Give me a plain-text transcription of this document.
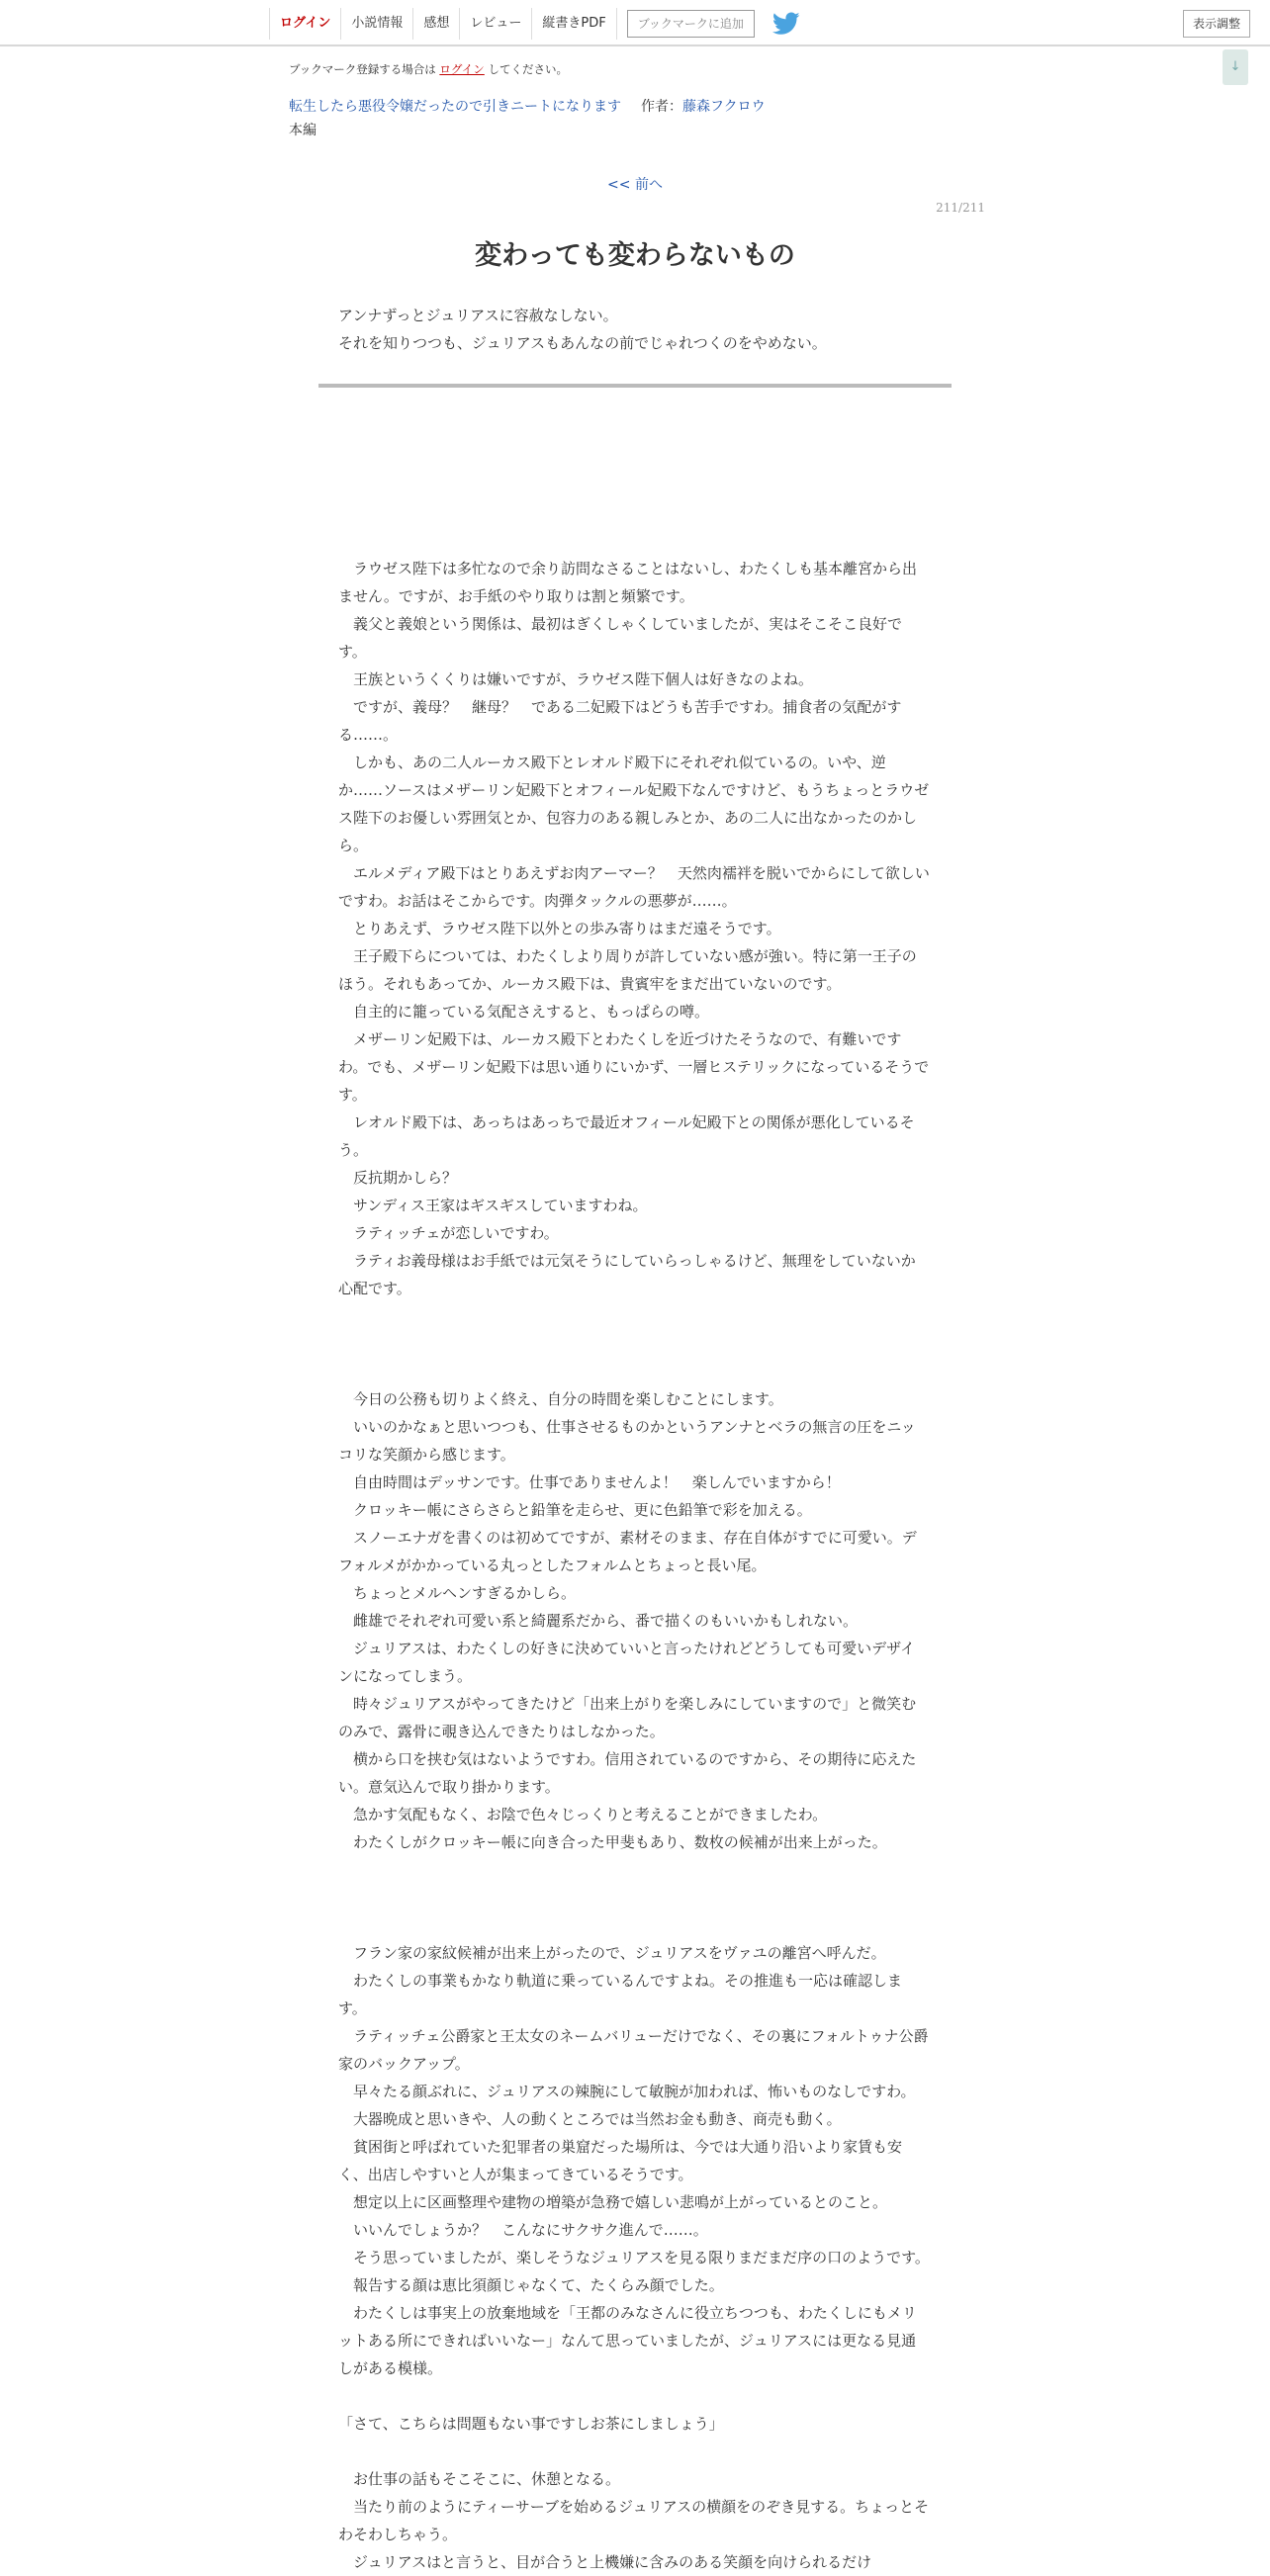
ログイン	小説情報	感想	レビュー	縦書きPDF	ブックマークに追加	表示調整
↓
ブックマーク登録する場合は ログイン してください。
転生したら悪役令嬢だったので引きニートになります 作者：藤森フクロウ
本編
<< 前へ
211/211
変わっても変わらないもの

アンナずっとジュリアスに容赦なしない。

それを知りつつも、ジュリアスもあんなの前でじゃれつくのをやめない。

　ラウゼス陛下は多忙なので余り訪問なさることはないし、わたくしも基本離宮から出ません。ですが、お手紙のやり取りは割と頻繁です。

　義父と義娘という関係は、最初はぎくしゃくしていましたが、実はそこそこ良好です。

　王族というくくりは嫌いですが、ラウゼス陛下個人は好きなのよね。

　ですが、義母？　継母？　である二妃殿下はどうも苦手ですわ。捕食者の気配がする……。

　しかも、あの二人ルーカス殿下とレオルド殿下にそれぞれ似ているの。いや、逆か……ソースはメザーリン妃殿下とオフィール妃殿下なんですけど、もうちょっとラウゼス陛下のお優しい雰囲気とか、包容力のある親しみとか、あの二人に出なかったのかしら。

　エルメディア殿下はとりあえずお肉アーマー？　天然肉襦袢を脱いでからにして欲しいですわ。お話はそこからです。肉弾タックルの悪夢が……。

　とりあえず、ラウゼス陛下以外との歩み寄りはまだ遠そうです。

　王子殿下らについては、わたくしより周りが許していない感が強い。特に第一王子のほう。それもあってか、ルーカス殿下は、貴賓牢をまだ出ていないのです。

　自主的に籠っている気配さえすると、もっぱらの噂。

　メザーリン妃殿下は、ルーカス殿下とわたくしを近づけたそうなので、有難いですわ。でも、メザーリン妃殿下は思い通りにいかず、一層ヒステリックになっているそうです。

　レオルド殿下は、あっちはあっちで最近オフィール妃殿下との関係が悪化しているそう。

　反抗期かしら？

　サンディス王家はギスギスしていますわね。

　ラティッチェが恋しいですわ。

　ラティお義母様はお手紙では元気そうにしていらっしゃるけど、無理をしていないか心配です。

　今日の公務も切りよく終え、自分の時間を楽しむことにします。

　いいのかなぁと思いつつも、仕事させるものかというアンナとベラの無言の圧をニッコリな笑顔から感じます。

　自由時間はデッサンです。仕事でありませんよ！　楽しんでいますから！

　クロッキー帳にさらさらと鉛筆を走らせ、更に色鉛筆で彩を加える。

　スノーエナガを書くのは初めてですが、素材そのまま、存在自体がすでに可愛い。デフォルメがかかっている丸っとしたフォルムとちょっと長い尾。

　ちょっとメルヘンすぎるかしら。

　雌雄でそれぞれ可愛い系と綺麗系だから、番で描くのもいいかもしれない。

　ジュリアスは、わたくしの好きに決めていいと言ったけれどどうしても可愛いデザインになってしまう。

　時々ジュリアスがやってきたけど「出来上がりを楽しみにしていますので」と微笑むのみで、露骨に覗き込んできたりはしなかった。

　横から口を挟む気はないようですわ。信用されているのですから、その期待に応えたい。意気込んで取り掛かります。

　急かす気配もなく、お陰で色々じっくりと考えることができましたわ。

　わたくしがクロッキー帳に向き合った甲斐もあり、数枚の候補が出来上がった。

　フラン家の家紋候補が出来上がったので、ジュリアスをヴァユの離宮へ呼んだ。

　わたくしの事業もかなり軌道に乗っているんですよね。その推進も一応は確認します。

　ラティッチェ公爵家と王太女のネームバリューだけでなく、その裏にフォルトゥナ公爵家のバックアップ。

　早々たる顔ぶれに、ジュリアスの辣腕にして敏腕が加われば、怖いものなしですわ。

　大器晩成と思いきや、人の動くところでは当然お金も動き、商売も動く。

　貧困街と呼ばれていた犯罪者の巣窟だった場所は、今では大通り沿いより家賃も安く、出店しやすいと人が集まってきているそうです。

　想定以上に区画整理や建物の増築が急務で嬉しい悲鳴が上がっているとのこと。

　いいんでしょうか？　こんなにサクサク進んで……。

　そう思っていましたが、楽しそうなジュリアスを見る限りまだまだ序の口のようです。

　報告する顔は恵比須顔じゃなくて、たくらみ顔でした。

　わたくしは事実上の放棄地域を「王都のみなさんに役立ちつつも、わたくしにもメリットある所にできればいいなー」なんて思っていましたが、ジュリアスには更なる見通しがある模様。

「さて、こちらは問題もない事ですしお茶にしましょう」

　お仕事の話もそこそこに、休憩となる。

　当たり前のようにティーサーブを始めるジュリアスの横顔をのぞき見する。ちょっとそわそわしちゃう。

　ジュリアスはと言うと、目が合うと上機嫌に含みのある笑顔を向けられるだけ
